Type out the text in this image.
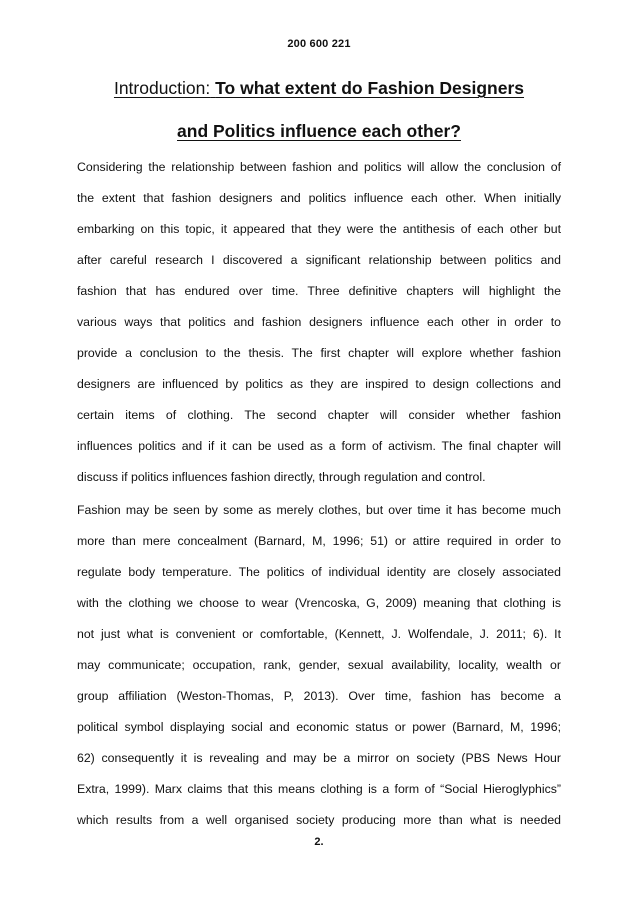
200 600 221
Introduction: To what extent do Fashion Designers
and Politics influence each other?
Considering the relationship between fashion and politics will allow the conclusion of
the extent that fashion designers and politics influence each other. When initially
embarking on this topic, it appeared that they were the antithesis of each other but
after careful research I discovered a significant relationship between politics and
fashion that has endured over time. Three definitive chapters will highlight the
various ways that politics and fashion designers influence each other in order to
provide a conclusion to the thesis. The first chapter will explore whether fashion
designers are influenced by politics as they are inspired to design collections and
certain items of clothing. The second chapter will consider whether fashion
influences politics and if it can be used as a form of activism. The final chapter will
discuss if politics influences fashion directly, through regulation and control.
Fashion may be seen by some as merely clothes, but over time it has become much
more than mere concealment (Barnard, M, 1996; 51) or attire required in order to
regulate body temperature. The politics of individual identity are closely associated
with the clothing we choose to wear (Vrencoska, G, 2009) meaning that clothing is
not just what is convenient or comfortable, (Kennett, J. Wolfendale, J. 2011; 6). It
may communicate; occupation, rank, gender, sexual availability, locality, wealth or
group affiliation (Weston-Thomas, P, 2013). Over time, fashion has become a
political symbol displaying social and economic status or power (Barnard, M, 1996;
62) consequently it is revealing and may be a mirror on society (PBS News Hour
Extra, 1999). Marx claims that this means clothing is a form of “Social Hieroglyphics”
which results from a well organised society producing more than what is needed
2.
